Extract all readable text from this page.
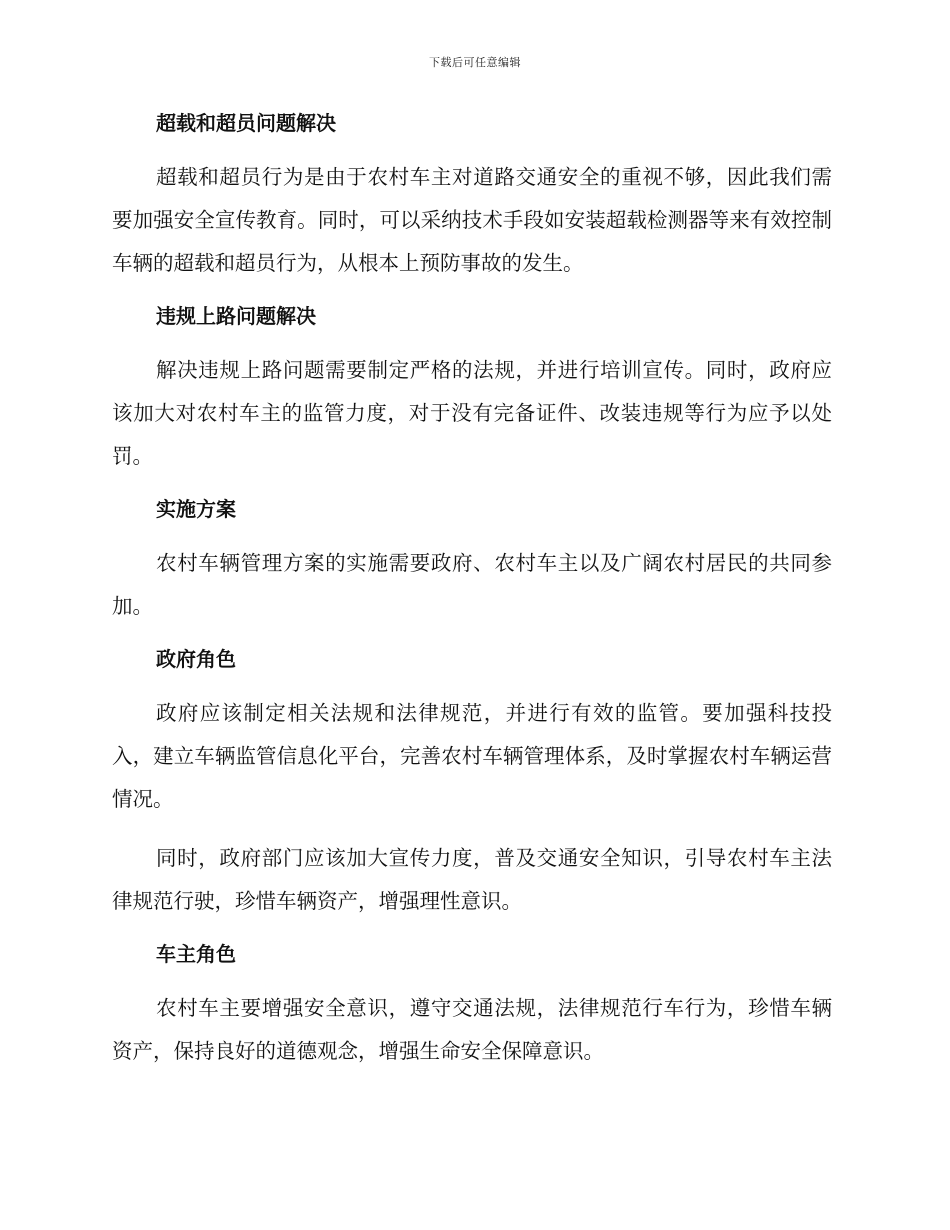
下载后可任意编辑
超载和超员问题解决

超载和超员行为是由于农村车主对道路交通安全的重视不够，因此我们需要加强安全宣传教育。同时，可以采纳技术手段如安装超载检测器等来有效控制车辆的超载和超员行为，从根本上预防事故的发生。

违规上路问题解决

解决违规上路问题需要制定严格的法规，并进行培训宣传。同时，政府应该加大对农村车主的监管力度，对于没有完备证件、改装违规等行为应予以处罚。

实施方案

农村车辆管理方案的实施需要政府、农村车主以及广阔农村居民的共同参加。

政府角色

政府应该制定相关法规和法律规范，并进行有效的监管。要加强科技投入，建立车辆监管信息化平台，完善农村车辆管理体系，及时掌握农村车辆运营情况。

同时，政府部门应该加大宣传力度，普及交通安全知识，引导农村车主法律规范行驶，珍惜车辆资产，增强理性意识。

车主角色

农村车主要增强安全意识，遵守交通法规，法律规范行车行为，珍惜车辆资产，保持良好的道德观念，增强生命安全保障意识。
